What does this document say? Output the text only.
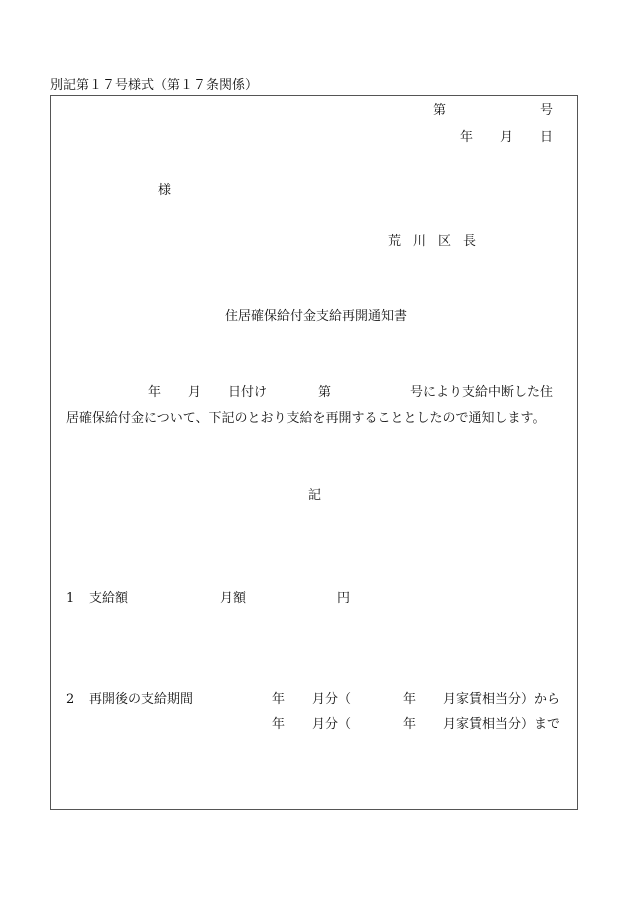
別記第１７号様式（第１７条関係）
第	号
年 月 日
様
荒 川 区 長
住居確保給付金支給再開通知書
年 月 日付け	第	号により支給中断した住
居確保給付金について、下記のとおり支給を再開することとしたので通知します。
記
1 支給額	月額	円
2 再開後の支給期間	年 月分（	年 月家賃相当分）から
年 月分（	年 月家賃相当分）まで
